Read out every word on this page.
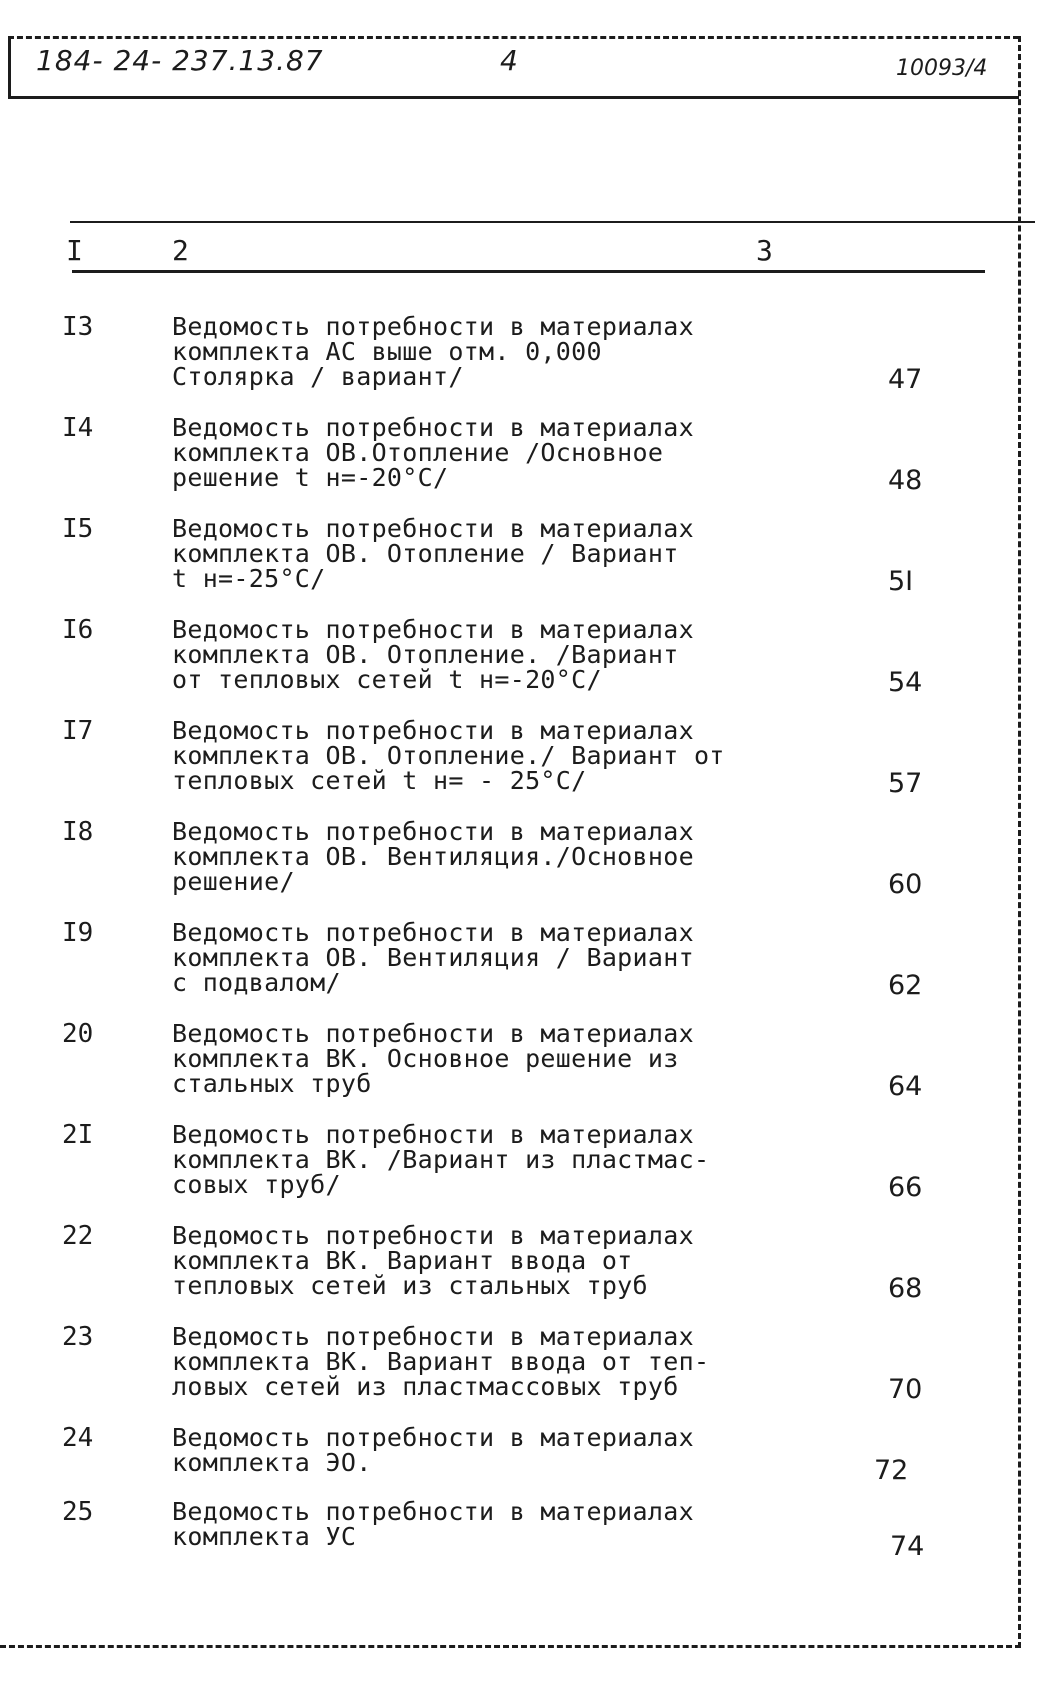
184- 24- 237.13.87	4	10093/4
I	2	3
I3	Ведомость потребности в материалах
комплекта АС выше отм. 0,000
Столярка / вариант/	47
I4	Ведомость потребности в материалах
комплекта ОВ.Отопление /Основное
решение t н=-20°С/	48
I5	Ведомость потребности в материалах
комплекта ОВ. Отопление / Вариант
t н=-25°С/	5I
I6	Ведомость потребности в материалах
комплекта ОВ. Отопление. /Вариант
от тепловых сетей t н=-20°С/	54
I7	Ведомость потребности в материалах
комплекта ОВ. Отопление./ Вариант от
тепловых сетей t н= - 25°С/	57
I8	Ведомость потребности в материалах
комплекта ОВ. Вентиляция./Основное
решение/	60
I9	Ведомость потребности в материалах
комплекта ОВ. Вентиляция / Вариант
с подвалом/	62
20	Ведомость потребности в материалах
комплекта ВК. Основное решение из
стальных труб	64
2I	Ведомость потребности в материалах
комплекта ВК. /Вариант из пластмас-
совых труб/	66
22	Ведомость потребности в материалах
комплекта ВК. Вариант ввода от
тепловых сетей из стальных труб	68
23	Ведомость потребности в материалах
комплекта ВК. Вариант ввода от теп-
ловых сетей из пластмассовых труб	70
24	Ведомость потребности в материалах
комплекта ЭО.	72
25	Ведомость потребности в материалах
комплекта УС	74
